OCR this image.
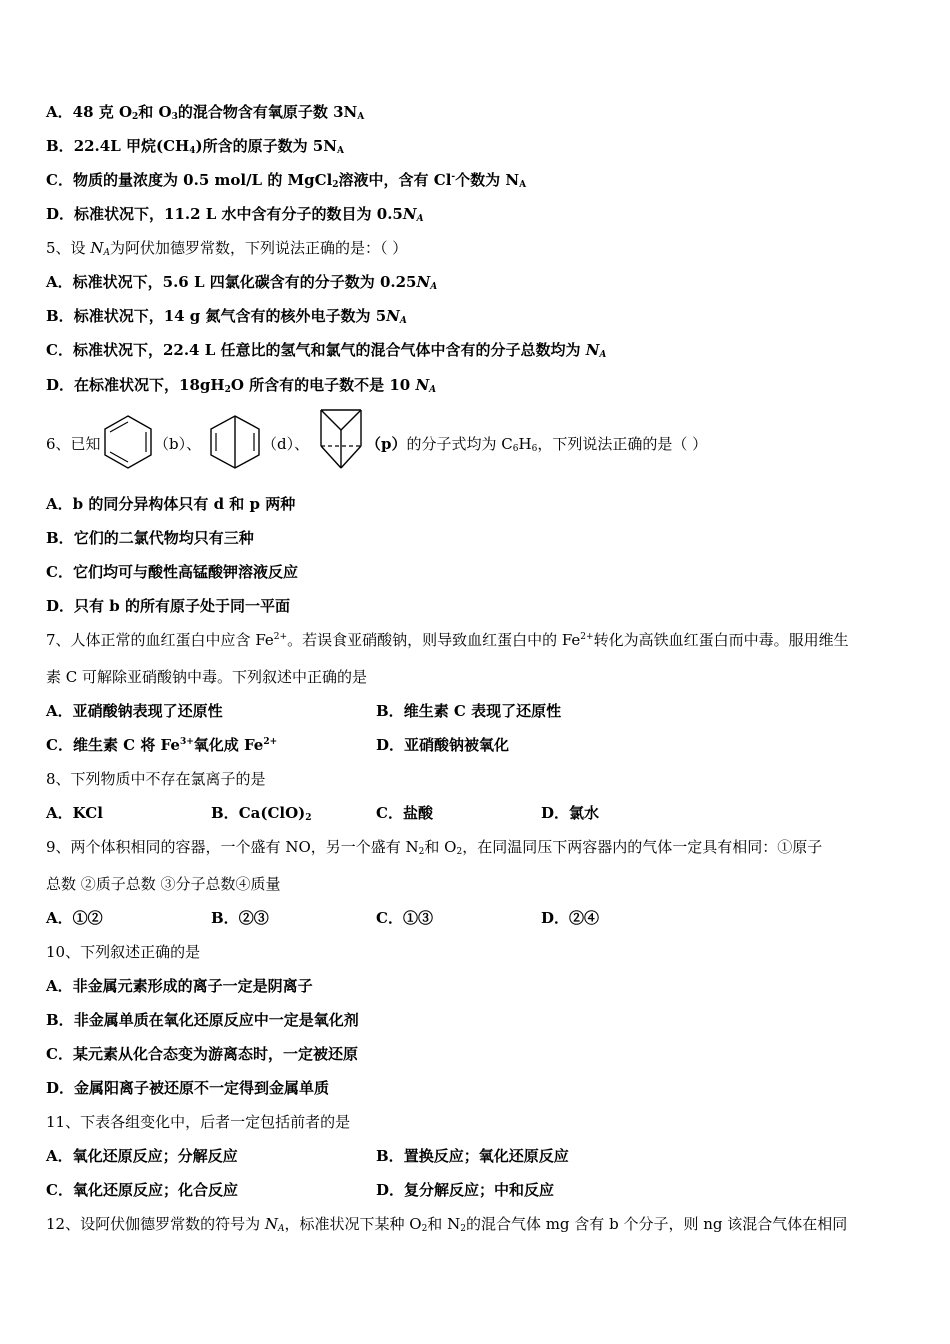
A．48 克 $O_2$和 $O_3$的混合物含有氧原子数 $3N_A$
B．22.4L 甲烷$(CH_4)$所含的原子数为 $5N_A$
C．物质的量浓度为 0.5 mol/L 的 MgCl$_2$溶液中，含有 Cl-个数为 $N_A$
D．标准状况下，11.2 L 水中含有分子的数目为 $0.5N_A$
5、设 $N_A$为阿伏加德罗常数，下列说法正确的是：（ ）
A．标准状况下，5.6 L 四氯化碳含有的分子数为 $0.25N_A$
B．标准状况下，14 g 氮气含有的核外电子数为 $5N_A$
C．标准状况下，22.4 L 任意比的氢气和氯气的混合气体中含有的分子总数均为 $N_A$
D．在标准状况下，$18gH_2O$ 所含有的电子数不是 10 $N_A$
6、已知	（b）、	（d）、	（p）的分子式均为 $C_6H_6$，下列说法正确的是（ ）
A．b 的同分异构体只有 d 和 p 两种
B．它们的二氯代物均只有三种
C．它们均可与酸性高锰酸钾溶液反应
D．只有 b 的所有原子处于同一平面
7、人体正常的血红蛋白中应含 $Fe^{2+}$。若误食亚硝酸钠，则导致血红蛋白中的 $Fe^{2+}$转化为高铁血红蛋白而中毒。服用维生
素 C 可解除亚硝酸钠中毒。下列叙述中正确的是
A．亚硝酸钠表现了还原性	B．维生素 C 表现了还原性
C．维生素 C 将 $Fe^{3+}$氧化成 $Fe^{2+}$	D．亚硝酸钠被氧化
8、下列物质中不存在氯离子的是
A．KCl	B．$Ca(ClO)_2$	C．盐酸	D．氯水
9、两个体积相同的容器，一个盛有 NO，另一个盛有 $N_2$和 $O_2$，在同温同压下两容器内的气体一定具有相同：①原子
总数 ②质子总数 ③分子总数④质量
A．①②	B．②③	C．①③	D．②④
10、下列叙述正确的是
A．非金属元素形成的离子一定是阴离子
B．非金属单质在氧化还原反应中一定是氧化剂
C．某元素从化合态变为游离态时，一定被还原
D．金属阳离子被还原不一定得到金属单质
11、下表各组变化中，后者一定包括前者的是
A．氧化还原反应；分解反应	B．置换反应；氧化还原反应
C．氧化还原反应；化合反应	D．复分解反应；中和反应
12、设阿伏伽德罗常数的符号为 $N_A$，标准状况下某种 $O_2$和 $N_2$的混合气体 mg 含有 b 个分子，则 ng 该混合气体在相同
